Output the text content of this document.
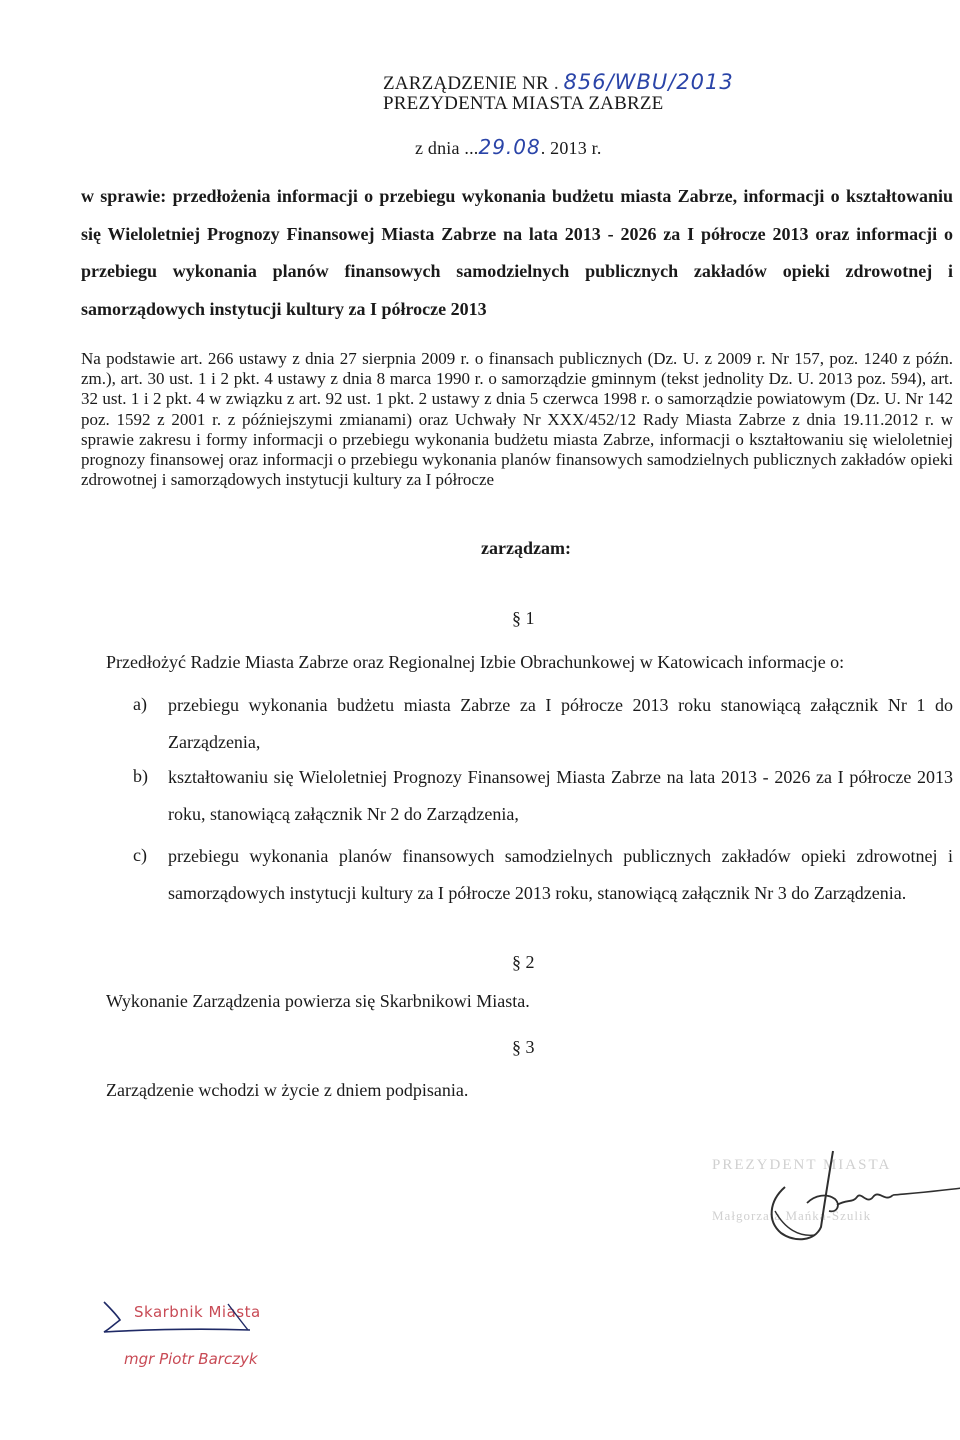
ZARZĄDZENIE NR . 856/WBU/2013
PREZYDENTA MIASTA ZABRZE
z dnia ...29.08. 2013 r.
w sprawie: przedłożenia informacji o przebiegu wykonania budżetu miasta Zabrze, informacji o kształtowaniu się Wieloletniej Prognozy Finansowej Miasta Zabrze na lata 2013 - 2026 za I półrocze 2013 oraz informacji o przebiegu wykonania planów finansowych samodzielnych publicznych zakładów opieki zdrowotnej i samorządowych instytucji kultury za I półrocze 2013
Na podstawie art. 266 ustawy z dnia 27 sierpnia 2009 r. o finansach publicznych (Dz. U. z 2009 r. Nr 157, poz. 1240 z późn. zm.), art. 30 ust. 1 i 2 pkt. 4 ustawy z dnia 8 marca 1990 r. o samorządzie gminnym (tekst jednolity Dz. U. 2013 poz. 594), art. 32 ust. 1 i 2 pkt. 4 w związku z art. 92 ust. 1 pkt. 2 ustawy z dnia 5 czerwca 1998 r. o samorządzie powiatowym (Dz. U. Nr 142 poz. 1592 z 2001 r. z późniejszymi zmianami) oraz Uchwały Nr XXX/452/12 Rady Miasta Zabrze z dnia 19.11.2012 r. w sprawie zakresu i formy informacji o przebiegu wykonania budżetu miasta Zabrze, informacji o kształtowaniu się wieloletniej prognozy finansowej oraz informacji o przebiegu wykonania planów finansowych samodzielnych publicznych zakładów opieki zdrowotnej i samorządowych instytucji kultury za I półrocze
zarządzam:
§ 1
Przedłożyć Radzie Miasta Zabrze oraz Regionalnej Izbie Obrachunkowej w Katowicach informacje o:
a) przebiegu wykonania budżetu miasta Zabrze za I półrocze 2013 roku stanowiącą załącznik Nr 1 do Zarządzenia,
b) kształtowaniu się Wieloletniej Prognozy Finansowej Miasta Zabrze na lata 2013 - 2026 za I półrocze 2013 roku, stanowiącą załącznik Nr 2 do Zarządzenia,
c) przebiegu wykonania planów finansowych samodzielnych publicznych zakładów opieki zdrowotnej i samorządowych instytucji kultury za I półrocze 2013 roku, stanowiącą załącznik Nr 3 do Zarządzenia.
§ 2
Wykonanie Zarządzenia powierza się Skarbnikowi Miasta.
§ 3
Zarządzenie wchodzi w życie z dniem podpisania.
PREZYDENT MIASTA
Małgorzata Mańka-Szulik
Skarbnik Miasta
mgr Piotr Barczyk
